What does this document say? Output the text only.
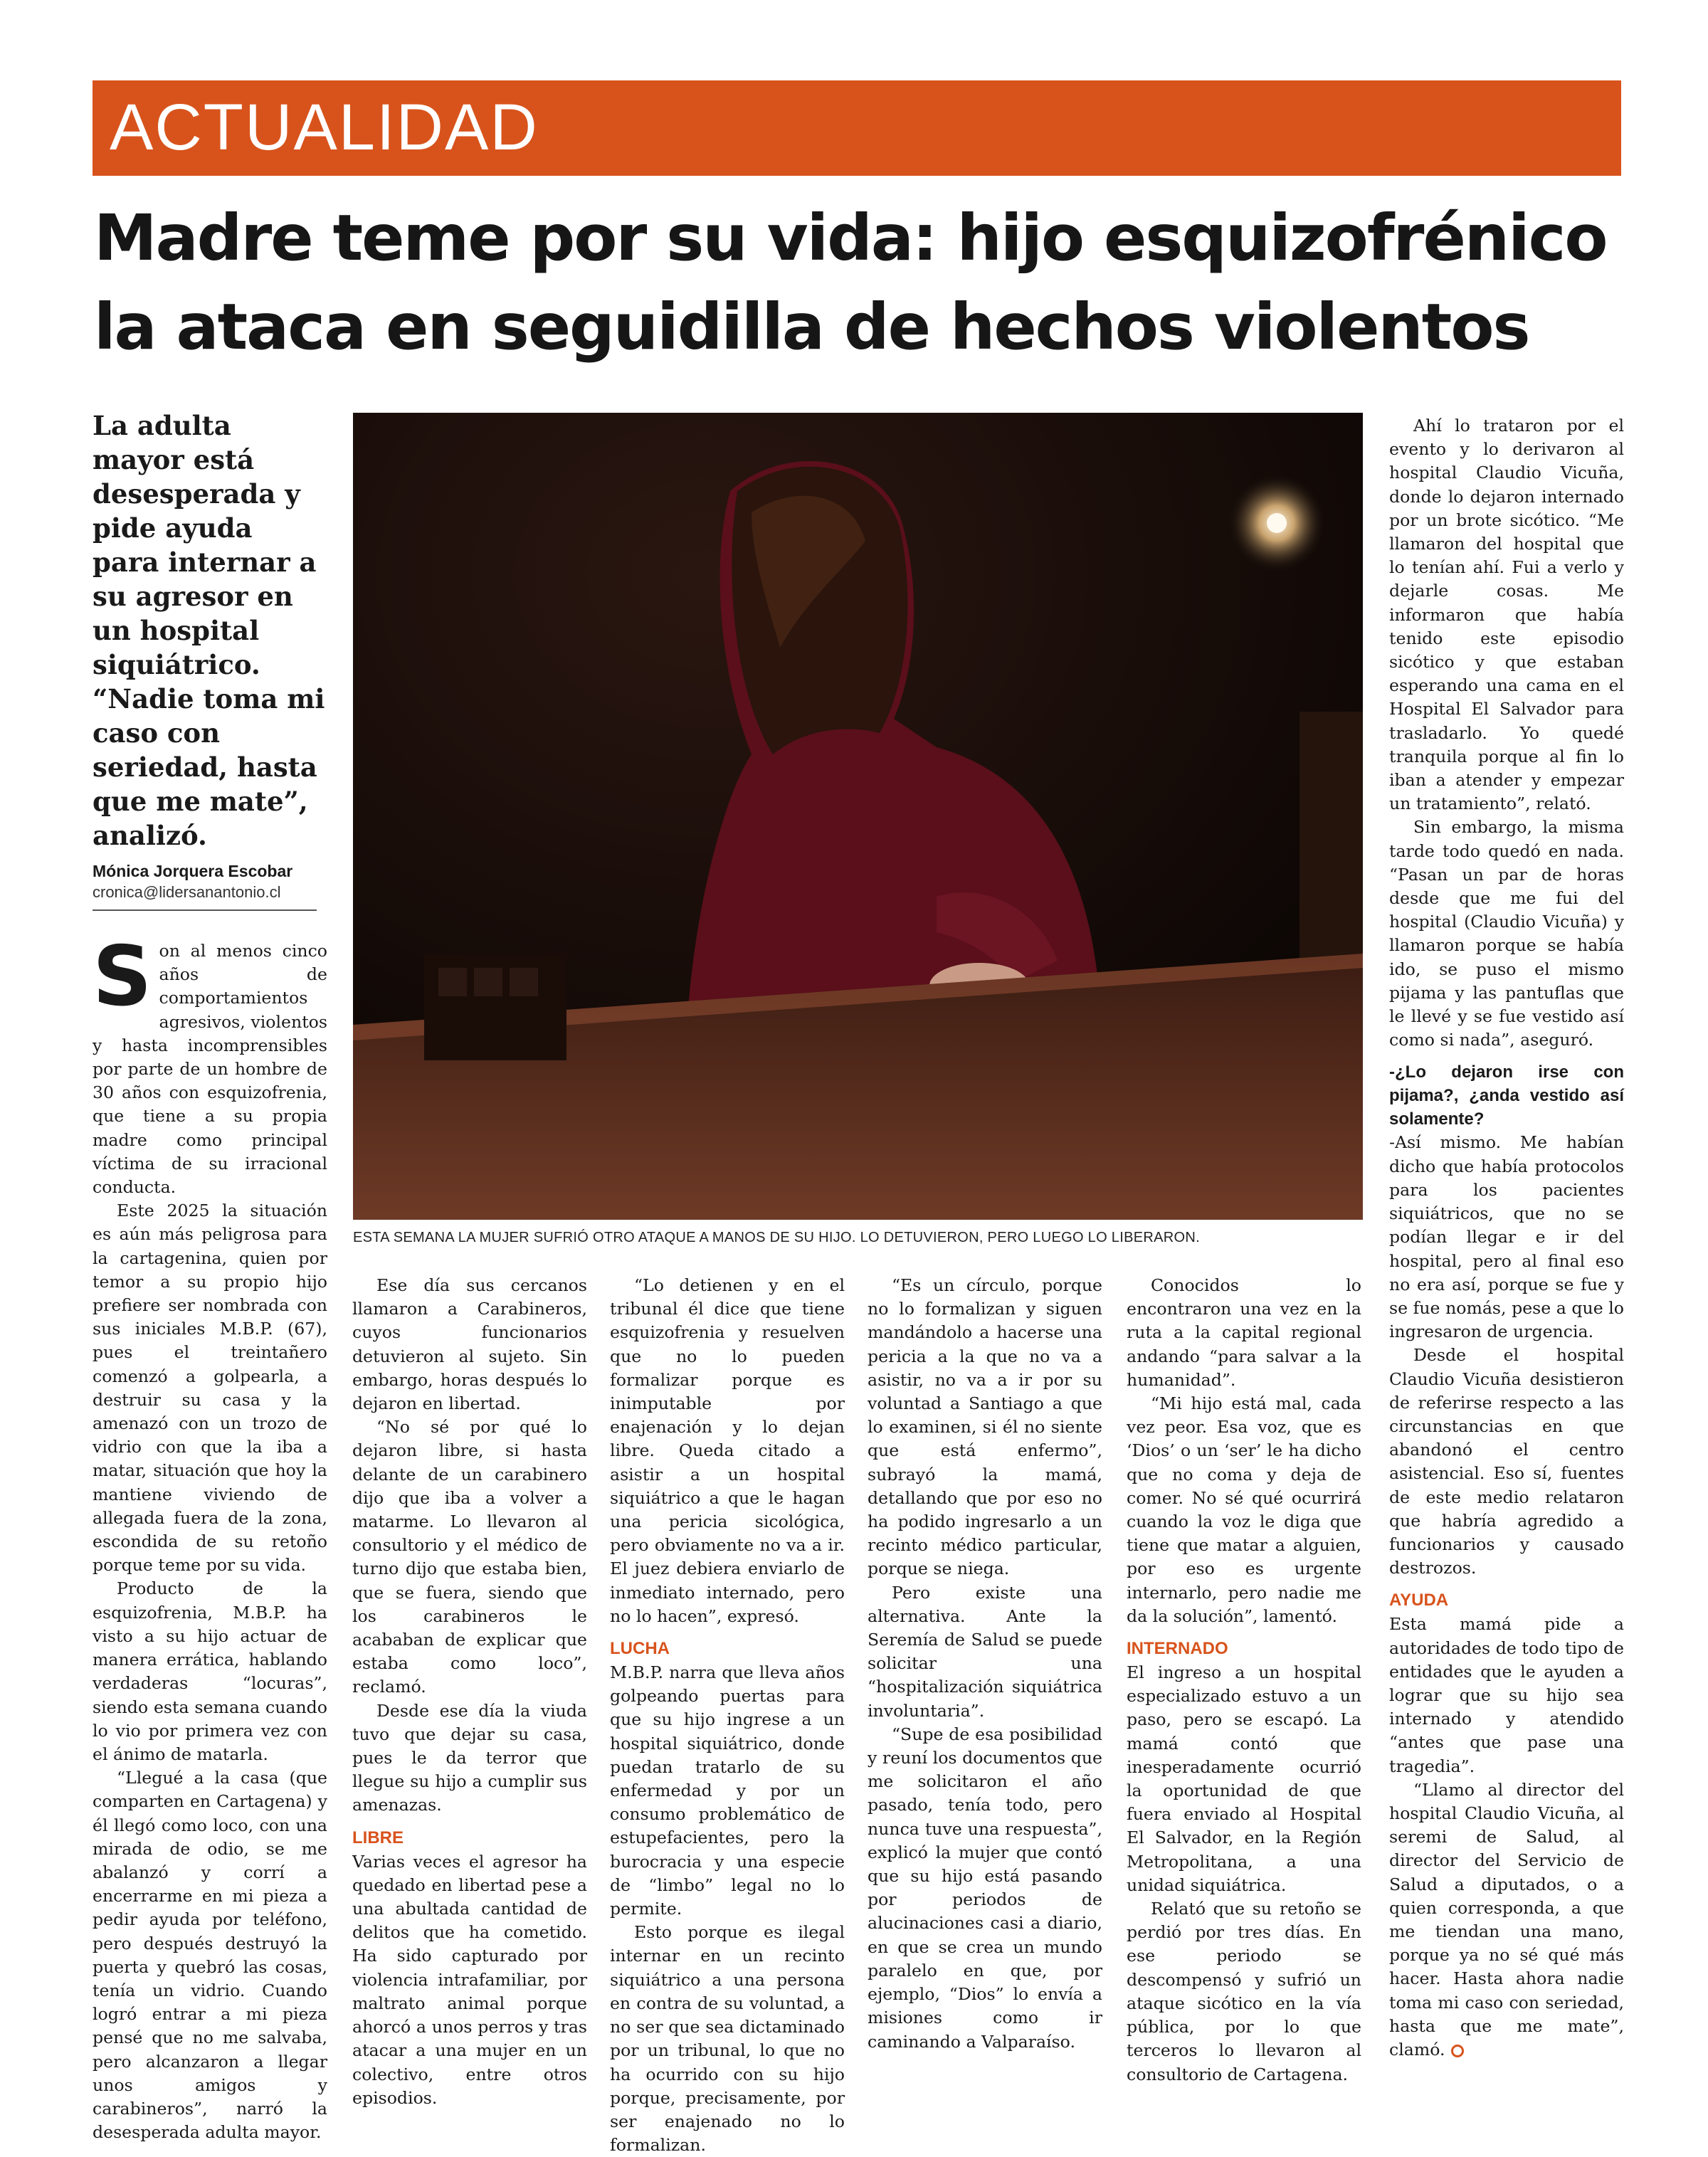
ACTUALIDAD
Madre teme por su vida: hijo esquizofrénico la ataca en seguidilla de hechos violentos

La adulta mayor está desesperada y pide ayuda para internar a su agresor en un hospital siquiátrico. “Nadie toma mi caso con seriedad, hasta que me mate”, analizó.

Mónica Jorquera Escobar
cronica@lidersanantonio.cl

ESTA SEMANA LA MUJER SUFRIÓ OTRO ATAQUE A MANOS DE SU HIJO. LO DETUVIERON, PERO LUEGO LO LIBERARON.

S on al menos cinco años de comportamientos agresivos, violentos y hasta incomprensibles por parte de un hombre de 30 años con esquizofrenia, que tiene a su propia madre como principal víctima de su irracional conducta.

Este 2025 la situación es aún más peligrosa para la cartagenina, quien por temor a su propio hijo prefiere ser nombrada con sus iniciales M.B.P. (67), pues el treintañero comenzó a golpearla, a destruir su casa y la amenazó con un trozo de vidrio con que la iba a matar, situación que hoy la mantiene viviendo de allegada fuera de la zona, escondida de su retoño porque teme por su vida.

Producto de la esquizofrenia, M.B.P. ha visto a su hijo actuar de manera errática, hablando verdaderas “locuras”, siendo esta semana cuando lo vio por primera vez con el ánimo de matarla.

“Llegué a la casa (que comparten en Cartagena) y él llegó como loco, con una mirada de odio, se me abalanzó y corrí a encerrarme en mi pieza a pedir ayuda por teléfono, pero después destruyó la puerta y quebró las cosas, tenía un vidrio. Cuando logró entrar a mi pieza pensé que no me salvaba, pero alcanzaron a llegar unos amigos y carabineros”, narró la desesperada adulta mayor.

Ese día sus cercanos llamaron a Carabineros, cuyos funcionarios detuvieron al sujeto. Sin embargo, horas después lo dejaron en libertad.

“No sé por qué lo dejaron libre, si hasta delante de un carabinero dijo que iba a volver a matarme. Lo llevaron al consultorio y el médico de turno dijo que estaba bien, que se fuera, siendo que los carabineros le acababan de explicar que estaba como loco”, reclamó.

Desde ese día la viuda tuvo que dejar su casa, pues le da terror que llegue su hijo a cumplir sus amenazas.

LIBRE

Varias veces el agresor ha quedado en libertad pese a una abultada cantidad de delitos que ha cometido. Ha sido capturado por violencia intrafamiliar, por maltrato animal porque ahorcó a unos perros y tras atacar a una mujer en un colectivo, entre otros episodios.

“Lo detienen y en el tribunal él dice que tiene esquizofrenia y resuelven que no lo pueden formalizar porque es inimputable por enajenación y lo dejan libre. Queda citado a asistir a un hospital siquiátrico a que le hagan una pericia sicológica, pero obviamente no va a ir. El juez debiera enviarlo de inmediato internado, pero no lo hacen”, expresó.

LUCHA

M.B.P. narra que lleva años golpeando puertas para que su hijo ingrese a un hospital siquiátrico, donde puedan tratarlo de su enfermedad y por un consumo problemático de estupefacientes, pero la burocracia y una especie de “limbo” legal no lo permite.

Esto porque es ilegal internar en un recinto siquiátrico a una persona en contra de su voluntad, a no ser que sea dictaminado por un tribunal, lo que no ha ocurrido con su hijo porque, precisamente, por ser enajenado no lo formalizan.

“Es un círculo, porque no lo formalizan y siguen mandándolo a hacerse una pericia a la que no va a asistir, no va a ir por su voluntad a Santiago a que lo examinen, si él no siente que está enfermo”, subrayó la mamá, detallando que por eso no ha podido ingresarlo a un recinto médico particular, porque se niega.

Pero existe una alternativa. Ante la Seremía de Salud se puede solicitar una “hospitalización siquiátrica involuntaria”.

“Supe de esa posibilidad y reuní los documentos que me solicitaron el año pasado, tenía todo, pero nunca tuve una respuesta”, explicó la mujer que contó que su hijo está pasando por periodos de alucinaciones casi a diario, en que se crea un mundo paralelo en que, por ejemplo, “Dios” lo envía a misiones como ir caminando a Valparaíso.

Conocidos lo encontraron una vez en la ruta a la capital regional andando “para salvar a la humanidad”.

“Mi hijo está mal, cada vez peor. Esa voz, que es ‘Dios’ o un ‘ser’ le ha dicho que no coma y deja de comer. No sé qué ocurrirá cuando la voz le diga que tiene que matar a alguien, por eso es urgente internarlo, pero nadie me da la solución”, lamentó.

INTERNADO

El ingreso a un hospital especializado estuvo a un paso, pero se escapó. La mamá contó que inesperadamente ocurrió la oportunidad de que fuera enviado al Hospital El Salvador, en la Región Metropolitana, a una unidad siquiátrica.

Relató que su retoño se perdió por tres días. En ese periodo se descompensó y sufrió un ataque sicótico en la vía pública, por lo que terceros lo llevaron al consultorio de Cartagena.

Ahí lo trataron por el evento y lo derivaron al hospital Claudio Vicuña, donde lo dejaron internado por un brote sicótico. “Me llamaron del hospital que lo tenían ahí. Fui a verlo y dejarle cosas. Me informaron que había tenido este episodio sicótico y que estaban esperando una cama en el Hospital El Salvador para trasladarlo. Yo quedé tranquila porque al fin lo iban a atender y empezar un tratamiento”, relató.

Sin embargo, la misma tarde todo quedó en nada. “Pasan un par de horas desde que me fui del hospital (Claudio Vicuña) y llamaron porque se había ido, se puso el mismo pijama y las pantuflas que le llevé y se fue vestido así como si nada”, aseguró.

-¿Lo dejaron irse con pijama?, ¿anda vestido así solamente?

-Así mismo. Me habían dicho que había protocolos para los pacientes siquiátricos, que no se podían llegar e ir del hospital, pero al final eso no era así, porque se fue y se fue nomás, pese a que lo ingresaron de urgencia.

Desde el hospital Claudio Vicuña desistieron de referirse respecto a las circunstancias en que abandonó el centro asistencial. Eso sí, fuentes de este medio relataron que habría agredido a funcionarios y causado destrozos.

AYUDA

Esta mamá pide a autoridades de todo tipo de entidades que le ayuden a lograr que su hijo sea internado y atendido “antes que pase una tragedia”.

“Llamo al director del hospital Claudio Vicuña, al seremi de Salud, al director del Servicio de Salud a diputados, o a quien corresponda, a que me tiendan una mano, porque ya no sé qué más hacer. Hasta ahora nadie toma mi caso con seriedad, hasta que me mate”, clamó.
